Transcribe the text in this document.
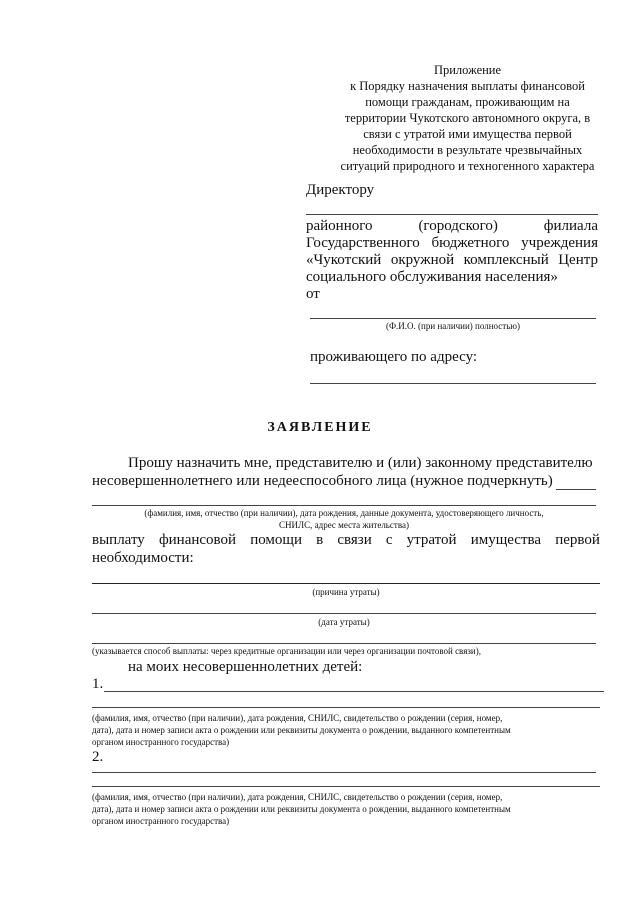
Приложение
к Порядку назначения выплаты финансовой
помощи гражданам, проживающим на
территории Чукотского автономного округа, в
связи с утратой ими имущества первой
необходимости в результате чрезвычайных
ситуаций природного и техногенного характера
Директору
районного	(городского)	филиала
Государственного бюджетного учреждения
«Чукотский окружной комплексный Центр
социального обслуживания населения»
от
(Ф.И.О. (при наличии) полностью)
проживающего по адресу:
ЗАЯВЛЕНИЕ
Прошу назначить мне, представителю и (или) законному представителю
несовершеннолетнего или недееспособного лица (нужное подчеркнуть)
(фамилия, имя, отчество (при наличии), дата рождения, данные документа, удостоверяющего личность,
СНИЛС, адрес места жительства)
выплату финансовой помощи в связи с утратой имущества первой
необходимости:
(причина утраты)
(дата утраты)
(указывается способ выплаты: через кредитные организации или через организации почтовой связи),
на моих несовершеннолетних детей:
1.
(фамилия, имя, отчество (при наличии), дата рождения, СНИЛС, свидетельство о рождении (серия, номер,
дата), дата и номер записи акта о рождении или реквизиты документа о рождении, выданного компетентным
органом иностранного государства)
2.
(фамилия, имя, отчество (при наличии), дата рождения, СНИЛС, свидетельство о рождении (серия, номер,
дата), дата и номер записи акта о рождении или реквизиты документа о рождении, выданного компетентным
органом иностранного государства)
